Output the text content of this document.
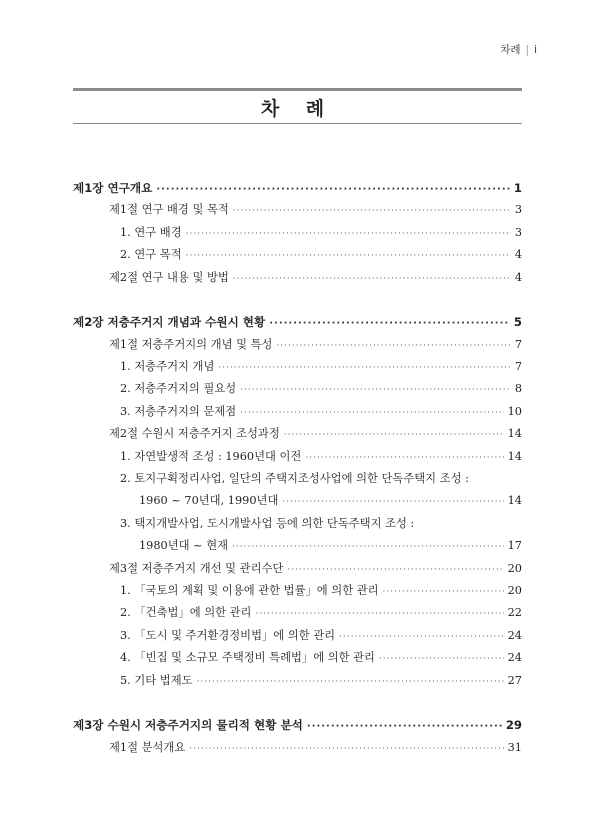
차례 | i
차 례
제1장 연구개요 ·····	1
제1절 연구 배경 및 목적 ·····	3
1. 연구 배경 ·····	3
2. 연구 목적 ·····	4
제2절 연구 내용 및 방법 ·····	4
제2장 저층주거지 개념과 수원시 현황 ·····	5
제1절 저층주거지의 개념 및 특성 ·····	7
1. 저층주거지 개념 ·····	7
2. 저층주거지의 필요성 ·····	8
3. 저층주거지의 문제점 ·····	10
제2절 수원시 저층주거지 조성과정 ·····	14
1. 자연발생적 조성 : 1960년대 이전 ·····	14
2. 토지구획정리사업, 일단의 주택지조성사업에 의한 단독주택지 조성 :
1960 ~ 70년대, 1990년대 ·····	14
3. 택지개발사업, 도시개발사업 등에 의한 단독주택지 조성 :
1980년대 ~ 현재 ·····	17
제3절 저층주거지 개선 및 관리수단 ·····	20
1. 「국토의 계획 및 이용에 관한 법률」에 의한 관리 ·····	20
2. 「건축법」에 의한 관리 ·····	22
3. 「도시 및 주거환경정비법」에 의한 관리 ·····	24
4. 「빈집 및 소규모 주택정비 특례법」에 의한 관리 ·····	24
5. 기타 법제도 ·····	27
제3장 수원시 저층주거지의 물리적 현황 분석 ·····	29
제1절 분석개요 ·····	31
